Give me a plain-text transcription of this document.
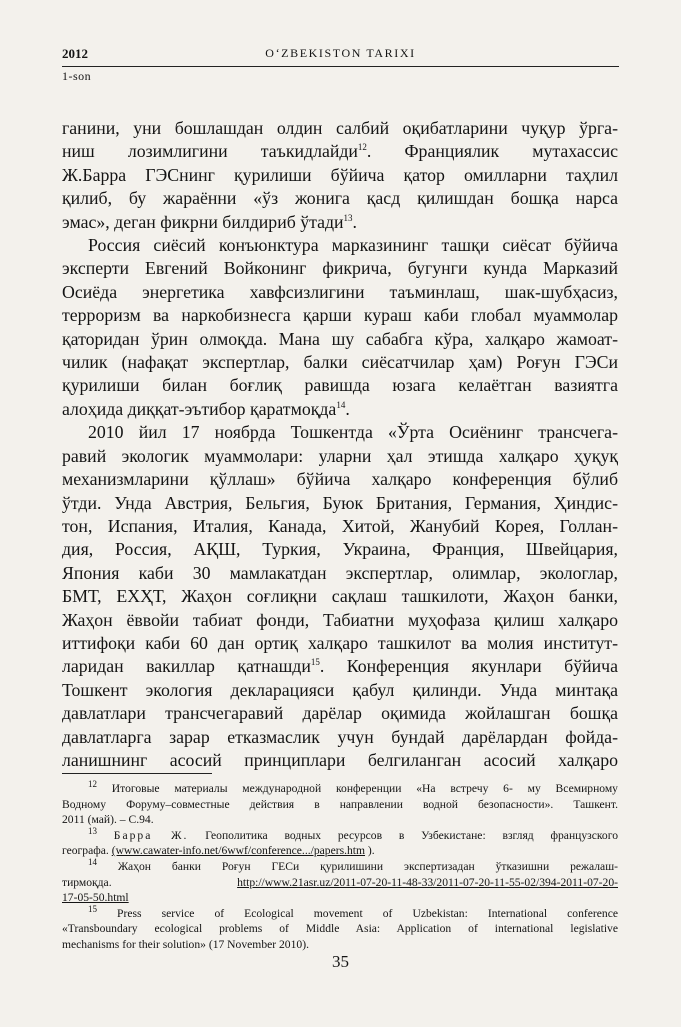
2012	O‘ZBEKISTON TARIXI
1-son
ганини, уни бошлашдан олдин салбий оқибатларини чуқур ўрга-
ниш лозимлигини таъкидлайди$^{12}$. Франциялик мутахассис
Ж.Барра ГЭСнинг қурилиши бўйича қатор омилларни таҳлил
қилиб, бу жараённи «ўз жонига қасд қилишдан бошқа нарса
эмас», деган фикрни билдириб ўтади$^{13}$.
Россия сиёсий конъюнктура марказининг ташқи сиёсат бўйича
эксперти Евгений Войконинг фикрича, бугунги кунда Марказий
Осиёда энергетика хавфсизлигини таъминлаш, шак-шубҳасиз,
терроризм ва наркобизнесга қарши кураш каби глобал муаммолар
қаторидан ўрин олмоқда. Мана шу сабабга кўра, халқаро жамоат-
чилик (нафақат экспертлар, балки сиёсатчилар ҳам) Роғун ГЭСи
қурилиши билан боғлиқ равишда юзага келаётган вазиятга
алоҳида диққат-эътибор қаратмоқда$^{14}$.
2010 йил 17 ноябрда Тошкентда «Ўрта Осиёнинг трансчега-
равий экологик муаммолари: уларни ҳал этишда халқаро ҳуқуқ
механизмларини қўллаш» бўйича халқаро конференция бўлиб
ўтди. Унда Австрия, Бельгия, Буюк Британия, Германия, Ҳиндис-
тон, Испания, Италия, Канада, Хитой, Жанубий Корея, Голлан-
дия, Россия, АҚШ, Туркия, Украина, Франция, Швейцария,
Япония каби 30 мамлакатдан экспертлар, олимлар, экологлар,
БМТ, ЕХҲТ, Жаҳон соғлиқни сақлаш ташкилоти, Жаҳон банки,
Жаҳон ёввойи табиат фонди, Табиатни муҳофаза қилиш халқаро
иттифоқи каби 60 дан ортиқ халқаро ташкилот ва молия институт-
ларидан вакиллар қатнашди$^{15}$. Конференция якунлари бўйича
Тошкент экология декларацияси қабул қилинди. Унда минтақа
давлатлари трансчегаравий дарёлар оқимида жойлашган бошқа
давлатларга зарар етказмаслик учун бундай дарёлардан фойда-
ланишнинг асосий принциплари белгиланган асосий халқаро
$^{12}$ Итоговые материалы международной конференции «На встречу 6- му Всемирному
Водному Форуму–совместные действия в направлении водной безопасности». Ташкент.
2011 (май). – С.94.
$^{13}$ Барра Ж. Геополитика водных ресурсов в Узбекистане: взгляд французского
географа. (www.cawater-info.net/6wwf/conference.../papers.htm ).
$^{14}$ Жаҳон банки Роғун ГЕСи қурилишини экспертизадан ўтказишни режалаш-
тирмоқда. http://www.21asr.uz/2011-07-20-11-48-33/2011-07-20-11-55-02/394-2011-07-20-
17-05-50.html
$^{15}$ Press service of Ecological movement of Uzbekistan: International conference
«Transboundary ecological problems of Middle Asia: Application of international legislative
mechanisms for their solution» (17 November 2010).
35
